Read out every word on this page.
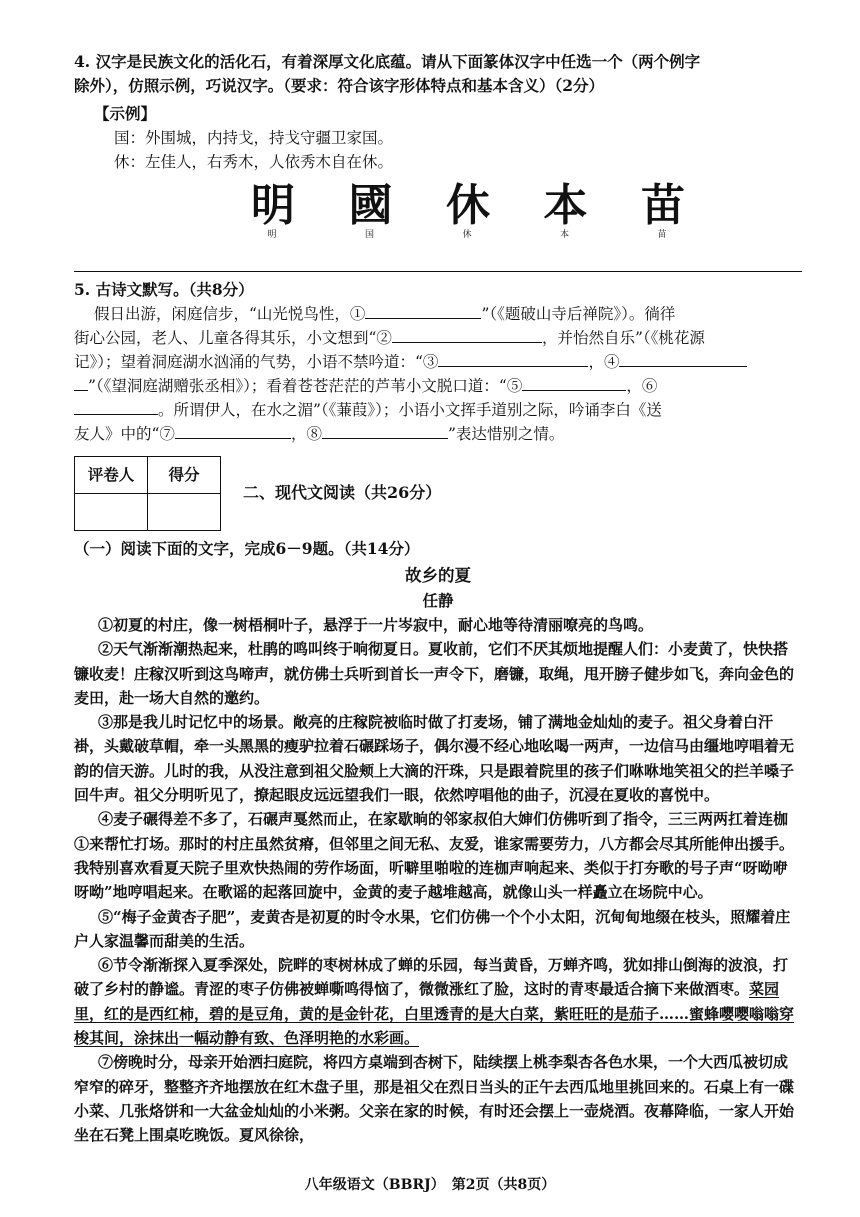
4. 汉字是民族文化的活化石，有着深厚文化底蕴。请从下面篆体汉字中任选一个（两个例字

除外），仿照示例，巧说汉字。（要求：符合该字形体特点和基本含义）（2分）

【示例】

国：外围城，内持戈，持戈守疆卫家国。

休：左佳人，右秀木，人依秀木自在休。

明
明
國
国
休
休
本
本
苗
苗

5. 古诗文默写。（共8分）

假日出游，闲庭信步，“山光悦鸟性，①	”（《题破山寺后禅院》）。徜徉

街心公园，老人、儿童各得其乐，小文想到“②	，并怡然自乐”（《桃花源

记》）；望着洞庭湖水汹涌的气势，小语不禁吟道：“③	，④

”（《望洞庭湖赠张丞相》）；看着苍苍茫茫的芦苇小文脱口道：“⑤	，⑥

。所谓伊人，在水之湄”（《蒹葭》）；小语小文挥手道别之际，吟诵李白《送

友人》中的“⑦	，⑧	”表达惜别之情。

评卷人	得分

二、现代文阅读（共26分）

（一）阅读下面的文字，完成6－9题。（共14分）

故乡的夏

任静

①初夏的村庄，像一树梧桐叶子，悬浮于一片岑寂中，耐心地等待清丽嘹亮的鸟鸣。

②天气渐渐潮热起来，杜鹃的鸣叫终于响彻夏日。夏收前，它们不厌其烦地提醒人们：小麦黄了，快快搭镰收麦！庄稼汉听到这鸟啼声，就仿佛士兵听到首长一声令下，磨镰，取绳，甩开膀子健步如飞，奔向金色的麦田，赴一场大自然的邀约。

③那是我儿时记忆中的场景。敞亮的庄稼院被临时做了打麦场，铺了满地金灿灿的麦子。祖父身着白汗褂，头戴破草帽，牵一头黑黑的瘦驴拉着石碾踩场子，偶尔漫不经心地吆喝一两声，一边信马由缰地哼唱着无韵的信天游。儿时的我，从没注意到祖父脸颊上大滴的汗珠，只是跟着院里的孩子们咻咻地笑祖父的拦羊嗓子回牛声。祖父分明听见了，撩起眼皮远远望我们一眼，依然哼唱他的曲子，沉浸在夏收的喜悦中。

④麦子碾得差不多了，石碾声戛然而止，在家歇晌的邻家叔伯大婶们仿佛听到了指令，三三两两扛着连枷①来帮忙打场。那时的村庄虽然贫瘠，但邻里之间无私、友爱，谁家需要劳力，八方都会尽其所能伸出援手。我特别喜欢看夏天院子里欢快热闹的劳作场面，听噼里啪啦的连枷声响起来、类似于打夯歌的号子声“呀呦咿呀呦”地哼唱起来。在歌谣的起落回旋中，金黄的麦子越堆越高，就像山头一样矗立在场院中心。

⑤“梅子金黄杏子肥”，麦黄杏是初夏的时令水果，它们仿佛一个个小太阳，沉甸甸地缀在枝头，照耀着庄户人家温馨而甜美的生活。

⑥节令渐渐探入夏季深处，院畔的枣树林成了蝉的乐园，每当黄昏，万蝉齐鸣，犹如排山倒海的波浪，打破了乡村的静谧。青涩的枣子仿佛被蝉嘶鸣得恼了，微微涨红了脸，这时的青枣最适合摘下来做酒枣。菜园里，红的是西红柿，碧的是豆角，黄的是金针花，白里透青的是大白菜，紫旺旺的是茄子……蜜蜂嘤嘤嗡嗡穿梭其间，涂抹出一幅动静有致、色泽明艳的水彩画。

⑦傍晚时分，母亲开始洒扫庭院，将四方桌端到杏树下，陆续摆上桃李梨杏各色水果，一个大西瓜被切成窄窄的碎牙，整整齐齐地摆放在红木盘子里，那是祖父在烈日当头的正午去西瓜地里挑回来的。石桌上有一碟小菜、几张烙饼和一大盆金灿灿的小米粥。父亲在家的时候，有时还会摆上一壶烧酒。夜幕降临，一家人开始坐在石凳上围桌吃晚饭。夏风徐徐，

八年级语文（BBRJ）　第2页（共8页）
